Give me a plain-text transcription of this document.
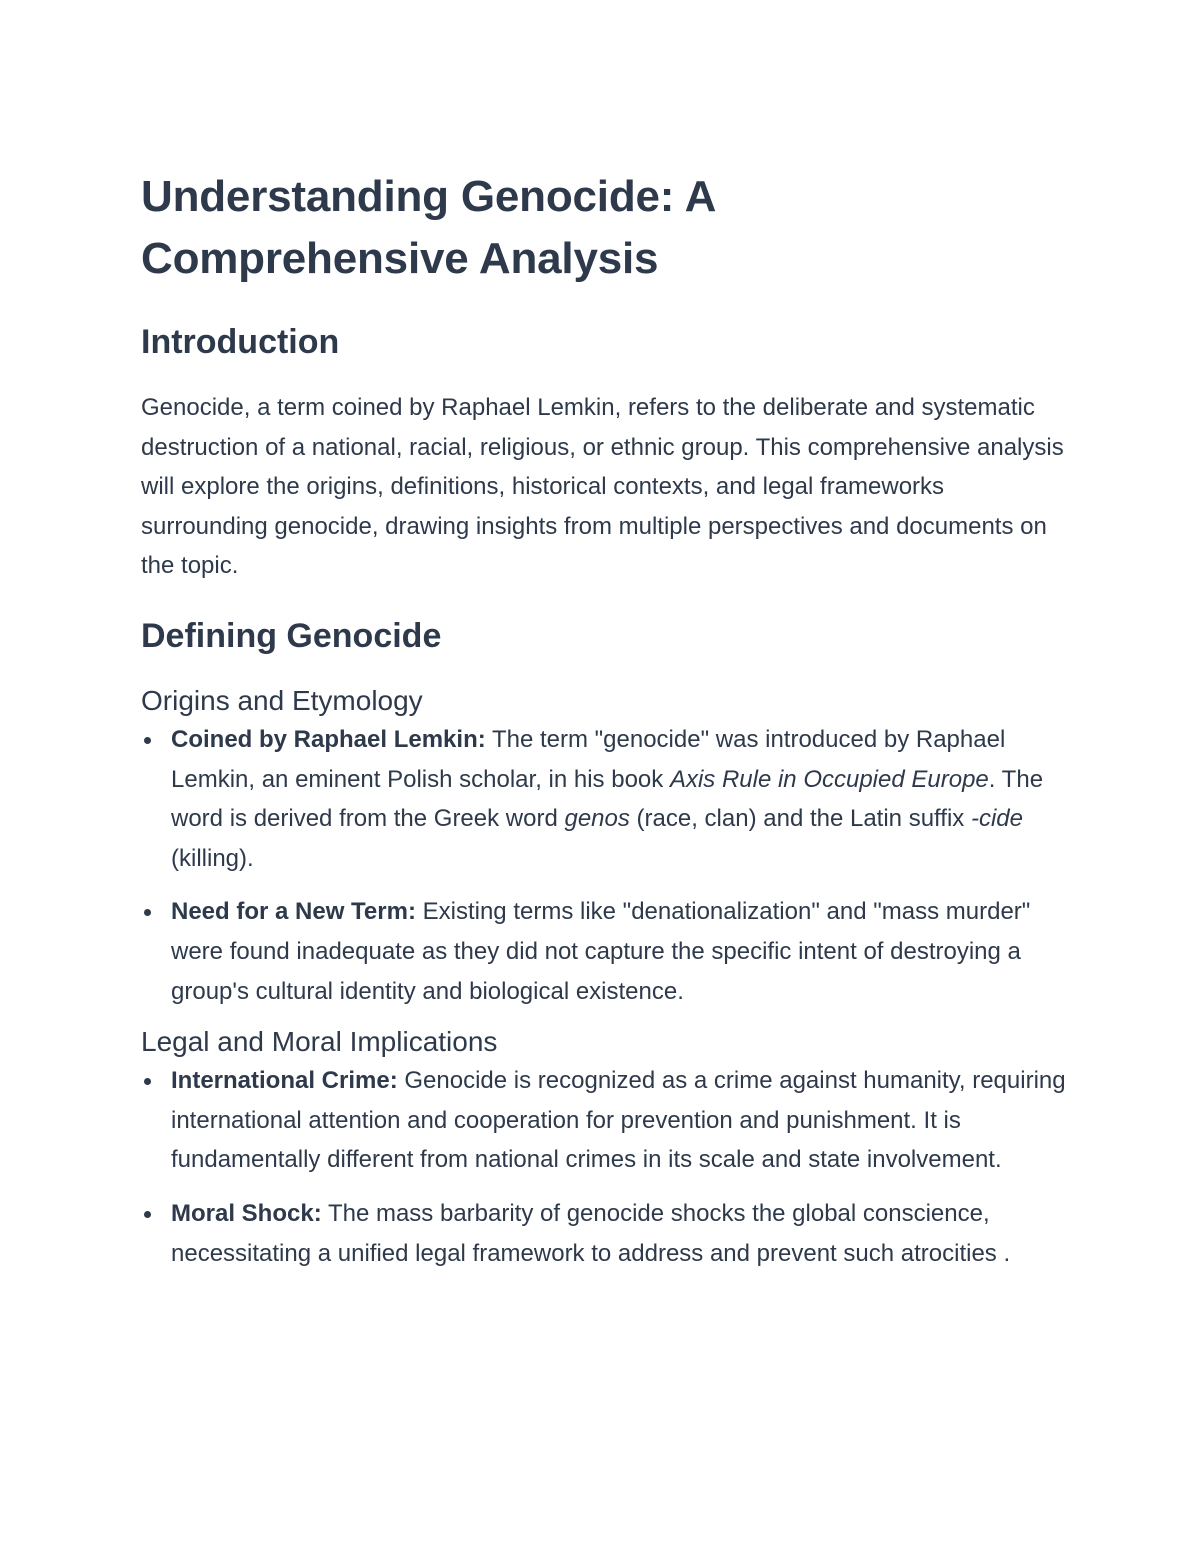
Understanding Genocide: A
Comprehensive Analysis
Introduction

Genocide, a term coined by Raphael Lemkin, refers to the deliberate and systematic destruction of a national, racial, religious, or ethnic group. This comprehensive analysis will explore the origins, definitions, historical contexts, and legal frameworks surrounding genocide, drawing insights from multiple perspectives and documents on the topic.

Defining Genocide
Origins and Etymology
Coined by Raphael Lemkin: The term "genocide" was introduced by Raphael Lemkin, an eminent Polish scholar, in his book Axis Rule in Occupied Europe. The word is derived from the Greek word genos (race, clan) and the Latin suffix -cide (killing).
Need for a New Term: Existing terms like "denationalization" and "mass murder" were found inadequate as they did not capture the specific intent of destroying a group's cultural identity and biological existence.
Legal and Moral Implications
International Crime: Genocide is recognized as a crime against humanity, requiring international attention and cooperation for prevention and punishment. It is fundamentally different from national crimes in its scale and state involvement.
Moral Shock: The mass barbarity of genocide shocks the global conscience, necessitating a unified legal framework to address and prevent such atrocities .
